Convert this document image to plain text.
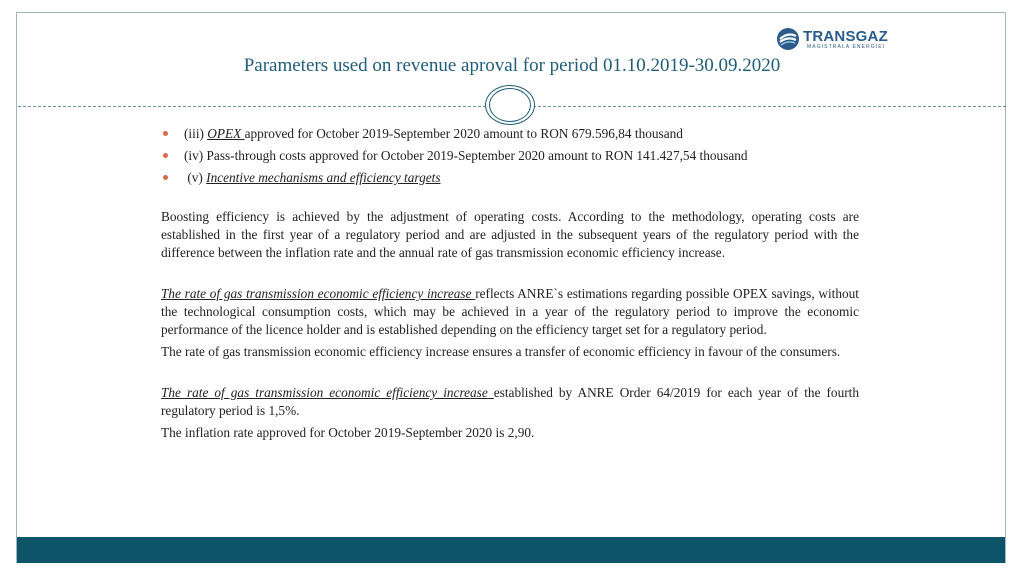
TRANSGAZ
MAGISTRALA ENERGIEI
Parameters used on revenue aproval for period 01.10.2019-30.09.2020
(iii) OPEX approved for October 2019-September 2020 amount to RON 679.596,84 thousand
(iv) Pass-through costs approved for October 2019-September 2020 amount to RON 141.427,54 thousand
(v) Incentive mechanisms and efficiency targets

Boosting efficiency is achieved by the adjustment of operating costs. According to the methodology, operating costs are established in the first year of a regulatory period and are adjusted in the subsequent years of the regulatory period with the difference between the inflation rate and the annual rate of gas transmission economic efficiency increase.

The rate of gas transmission economic efficiency increase reflects ANRE`s estimations regarding possible OPEX savings, without the technological consumption costs, which may be achieved in a year of the regulatory period to improve the economic performance of the licence holder and is established depending on the efficiency target set for a regulatory period.

The rate of gas transmission economic efficiency increase ensures a transfer of economic efficiency in favour of the consumers.

The rate of gas transmission economic efficiency increase established by ANRE Order 64/2019 for each year of the fourth regulatory period is 1,5%.

The inflation rate approved for October 2019-September 2020 is 2,90.
